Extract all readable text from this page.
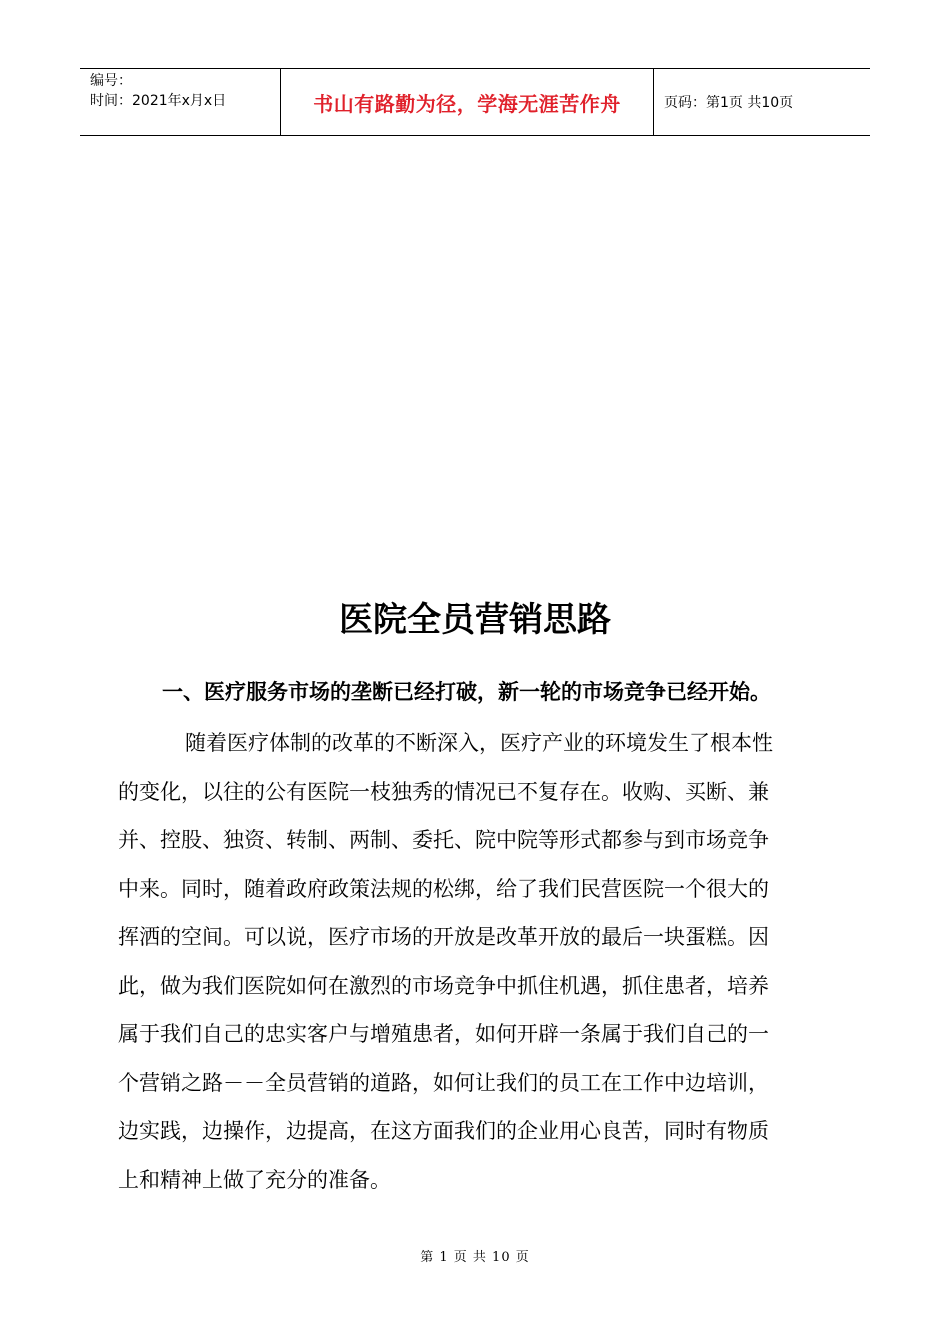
编号：
时间：2021年x月x日	书山有路勤为径，学海无涯苦作舟	页码：第1页 共10页
医院全员营销思路
一、医疗服务市场的垄断已经打破，新一轮的市场竞争已经开始。
随着医疗体制的改革的不断深入，医疗产业的环境发生了根本性
的变化，以往的公有医院一枝独秀的情况已不复存在。收购、买断、兼
并、控股、独资、转制、两制、委托、院中院等形式都参与到市场竞争
中来。同时，随着政府政策法规的松绑，给了我们民营医院一个很大的
挥洒的空间。可以说，医疗市场的开放是改革开放的最后一块蛋糕。因
此，做为我们医院如何在激烈的市场竞争中抓住机遇，抓住患者，培养
属于我们自己的忠实客户与增殖患者，如何开辟一条属于我们自己的一
个营销之路－－全员营销的道路，如何让我们的员工在工作中边培训，
边实践，边操作，边提高，在这方面我们的企业用心良苦，同时有物质
上和精神上做了充分的准备。
第 1 页 共 10 页
